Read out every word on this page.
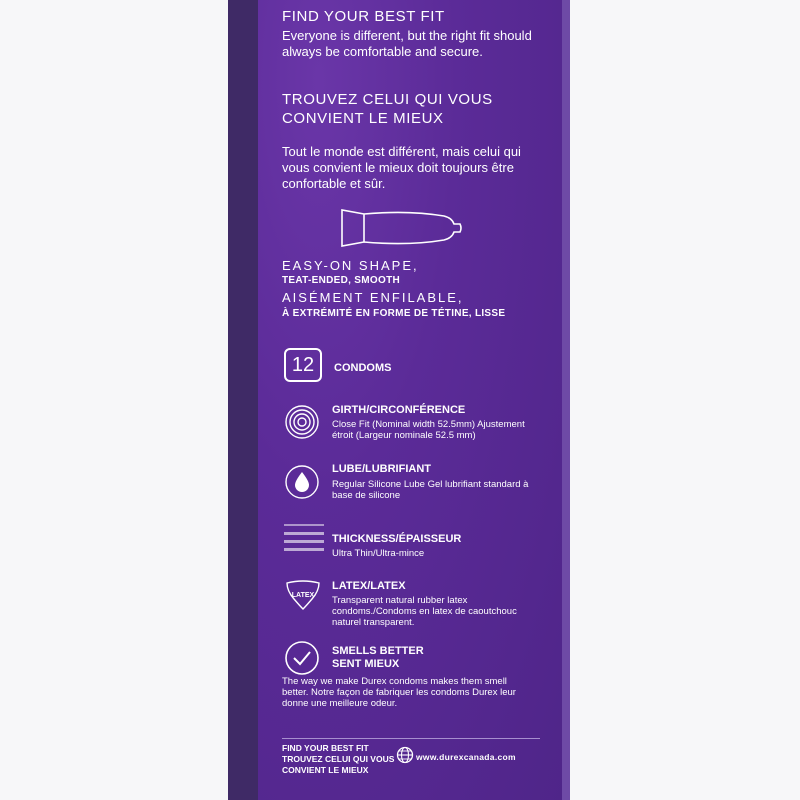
FIND YOUR BEST FIT
Everyone is different, but the right fit should always be comfortable and secure.
TROUVEZ CELUI QUI VOUS CONVIENT LE MIEUX
Tout le monde est différent, mais celui qui vous convient le mieux doit toujours être confortable et sûr.
EASY-ON SHAPE,
TEAT-ENDED, SMOOTH
AISÉMENT ENFILABLE,
À EXTRÉMITÉ EN FORME DE TÉTINE, LISSE
12	CONDOMS
GIRTH/CIRCONFÉRENCE
Close Fit (Nominal width 52.5mm) Ajustement étroit (Largeur nominale 52.5 mm)
LUBE/LUBRIFIANT
Regular Silicone Lube Gel lubrifiant standard à base de silicone
THICKNESS/ÉPAISSEUR
Ultra Thin/Ultra-mince
LATEX
LATEX/LATEX
Transparent natural rubber latex condoms./Condoms en latex de caoutchouc naturel transparent.
SMELLS BETTER
SENT MIEUX
The way we make Durex condoms makes them smell better. Notre façon de fabriquer les condoms Durex leur donne une meilleure odeur.
FIND YOUR BEST FIT
TROUVEZ CELUI QUI VOUS
CONVIENT LE MIEUX
www.durexcanada.com
